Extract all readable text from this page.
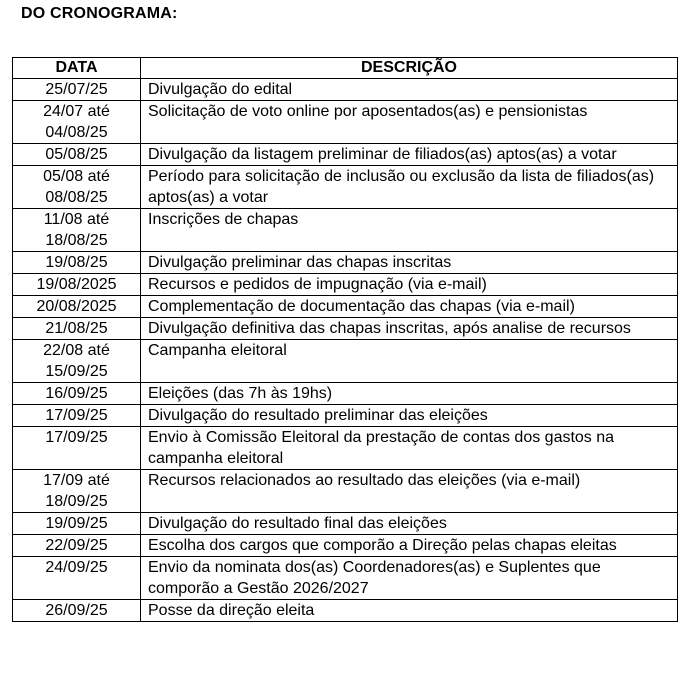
DO CRONOGRAMA:
DATA	DESCRIÇÃO

25/07/25	Divulgação do edital

24/07 até
04/08/25	Solicitação de voto online por aposentados(as) e pensionistas

05/08/25	Divulgação da listagem preliminar de filiados(as) aptos(as) a votar

05/08 até
08/08/25	Período para solicitação de inclusão ou exclusão da lista de filiados(as) aptos(as) a votar

11/08 até
18/08/25	Inscrições de chapas

19/08/25	Divulgação preliminar das chapas inscritas

19/08/2025	Recursos e pedidos de impugnação (via e-mail)

20/08/2025	Complementação de documentação das chapas (via e-mail)

21/08/25	Divulgação definitiva das chapas inscritas, após analise de recursos

22/08 até
15/09/25	Campanha eleitoral

16/09/25	Eleições (das 7h às 19hs)

17/09/25	Divulgação do resultado preliminar das eleições

17/09/25	Envio à Comissão Eleitoral da prestação de contas dos gastos na campanha eleitoral

17/09 até
18/09/25	Recursos relacionados ao resultado das eleições (via e-mail)

19/09/25	Divulgação do resultado final das eleições

22/09/25	Escolha dos cargos que comporão a Direção pelas chapas eleitas

24/09/25	Envio da nominata dos(as) Coordenadores(as) e Suplentes que comporão a Gestão 2026/2027

26/09/25	Posse da direção eleita
